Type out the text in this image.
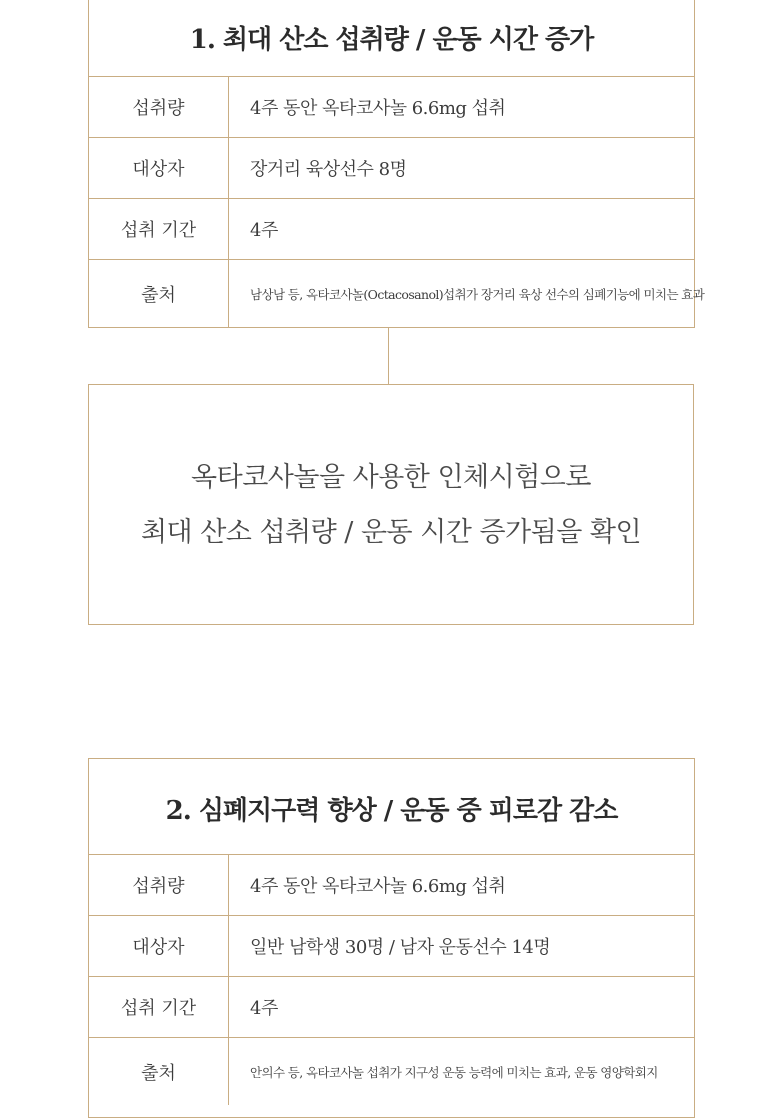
1. 최대 산소 섭취량 / 운동 시간 증가
섭취량	4주 동안 옥타코사놀 6.6mg 섭취
대상자	장거리 육상선수 8명
섭취 기간	4주
출처	남상남 등, 옥타코사놀(Octacosanol)섭취가 장거리 육상 선수의 심폐기능에 미치는 효과
옥타코사놀을 사용한 인체시험으로
최대 산소 섭취량 / 운동 시간 증가됨을 확인
2. 심폐지구력 향상 / 운동 중 피로감 감소
섭취량	4주 동안 옥타코사놀 6.6mg 섭취
대상자	일반 남학생 30명 / 남자 운동선수 14명
섭취 기간	4주
출처	안의수 등, 옥타코사놀 섭취가 지구성 운동 능력에 미치는 효과, 운동 영양학회지
